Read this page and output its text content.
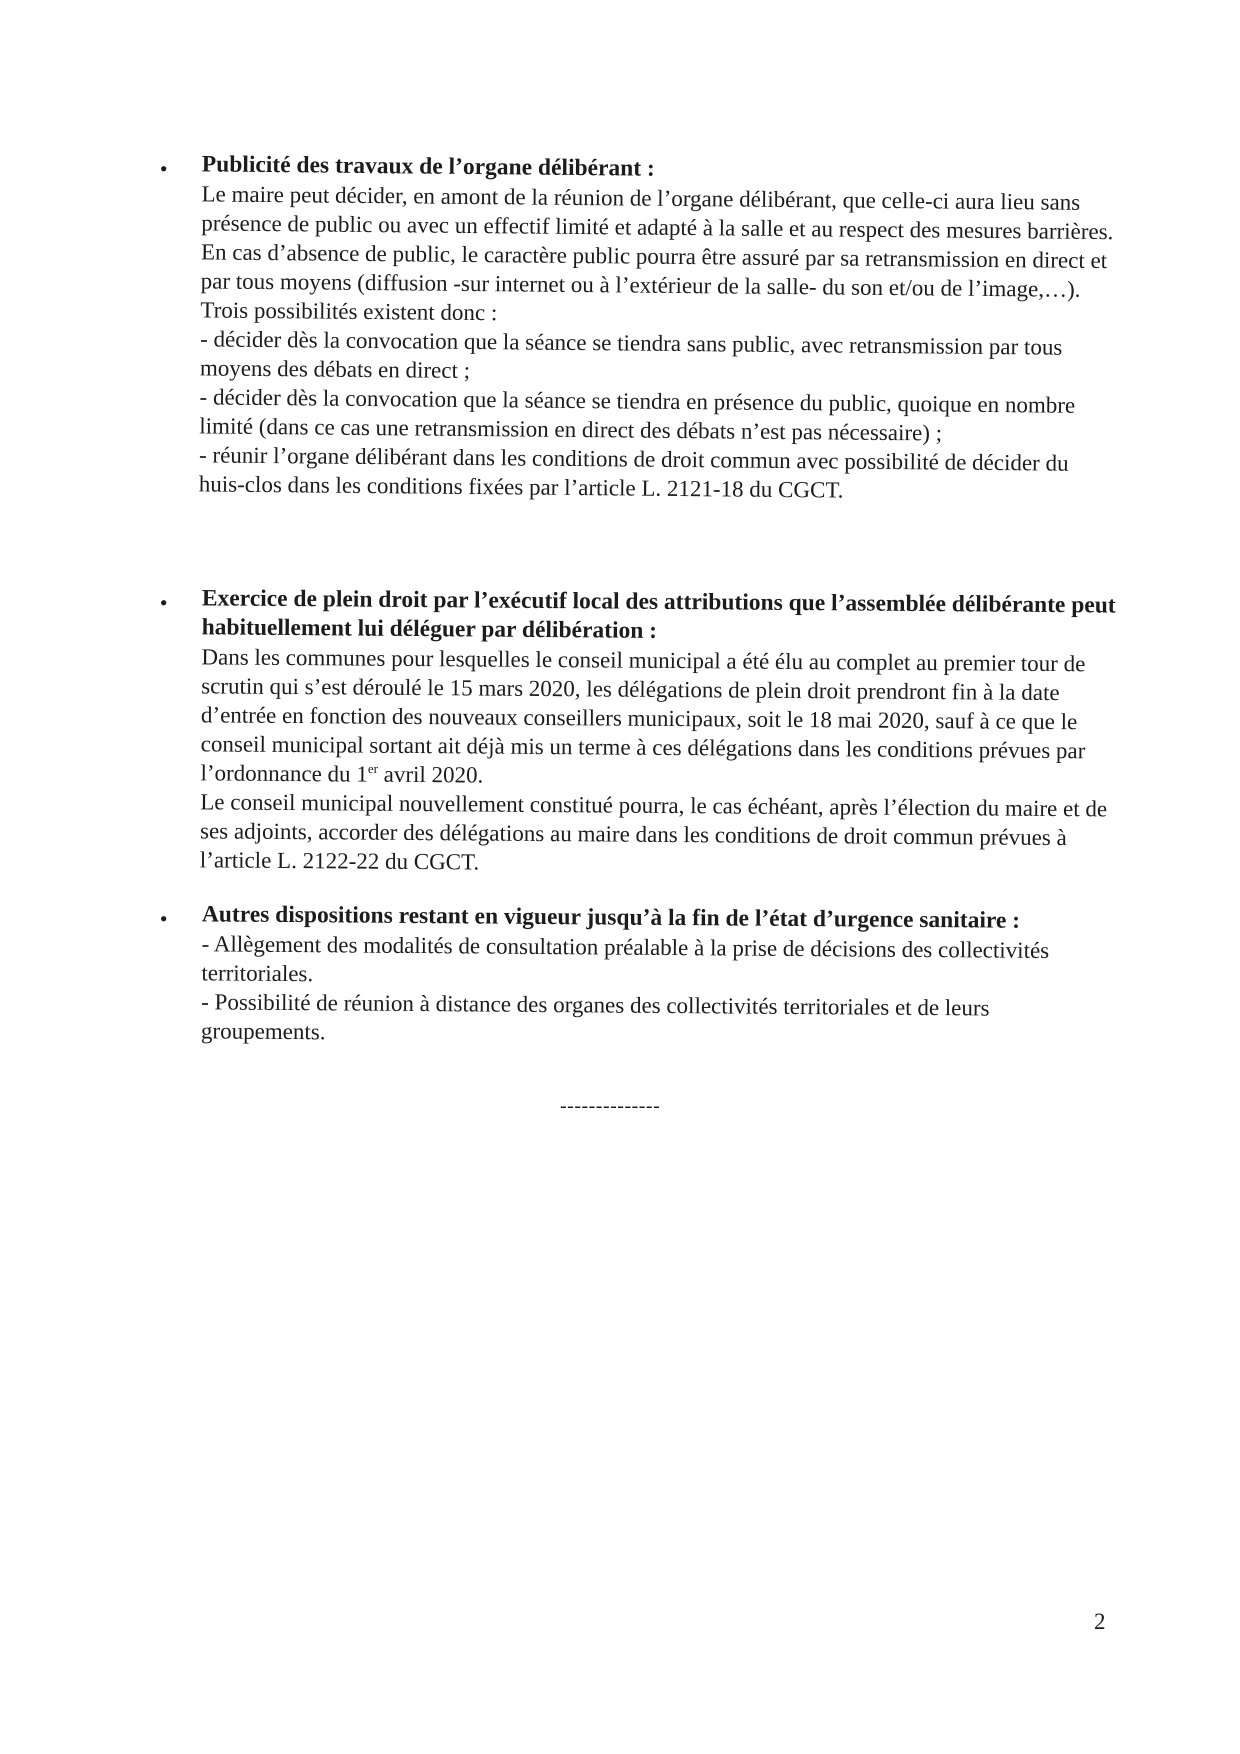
• Publicité des travaux de l’organe délibérant :

Le maire peut décider, en amont de la réunion de l’organe délibérant, que celle-ci aura lieu sans présence de public ou avec un effectif limité et adapté à la salle et au respect des mesures barrières.

En cas d’absence de public, le caractère public pourra être assuré par sa retransmission en direct et par tous moyens (diffusion -sur internet ou à l’extérieur de la salle- du son et/ou de l’image,…).

Trois possibilités existent donc :

- décider dès la convocation que la séance se tiendra sans public, avec retransmission par tous moyens des débats en direct ;

- décider dès la convocation que la séance se tiendra en présence du public, quoique en nombre limité (dans ce cas une retransmission en direct des débats n’est pas nécessaire) ;

- réunir l’organe délibérant dans les conditions de droit commun avec possibilité de décider du huis-clos dans les conditions fixées par l’article L. 2121-18 du CGCT.

• Exercice de plein droit par l’exécutif local des attributions que l’assemblée délibérante peut habituellement lui déléguer par délibération :

Dans les communes pour lesquelles le conseil municipal a été élu au complet au premier tour de scrutin qui s’est déroulé le 15 mars 2020, les délégations de plein droit prendront fin à la date d’entrée en fonction des nouveaux conseillers municipaux, soit le 18 mai 2020, sauf à ce que le conseil municipal sortant ait déjà mis un terme à ces délégations dans les conditions prévues par l’ordonnance du 1er avril 2020.

Le conseil municipal nouvellement constitué pourra, le cas échéant, après l’élection du maire et de ses adjoints, accorder des délégations au maire dans les conditions de droit commun prévues à l’article L. 2122-22 du CGCT.

• Autres dispositions restant en vigueur jusqu’à la fin de l’état d’urgence sanitaire :

- Allègement des modalités de consultation préalable à la prise de décisions des collectivités territoriales.

- Possibilité de réunion à distance des organes des collectivités territoriales et de leurs groupements.

--------------
2
